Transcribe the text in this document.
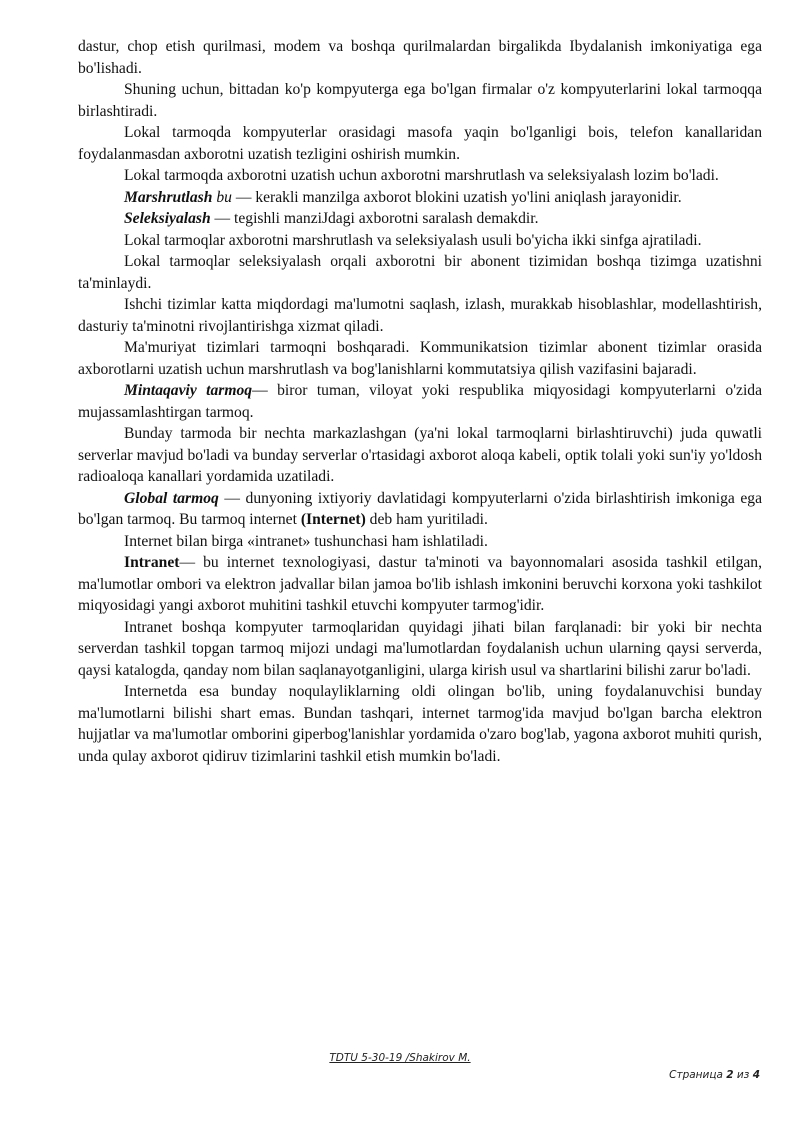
dastur, chop etish qurilmasi, modem va boshqa qurilmalardan birgalikda Ibydalanish imkoniyatiga ega bo'lishadi.

Shuning uchun, bittadan ko'p kompyuterga ega bo'lgan firmalar o'z kompyuterlarini lokal tarmoqqa birlashtiradi.

Lokal tarmoqda kompyuterlar orasidagi masofa yaqin bo'lganligi bois, telefon kanallaridan foydalanmasdan axborotni uzatish tezligini oshirish mumkin.

Lokal tarmoqda axborotni uzatish uchun axborotni marshrutlash va seleksiyalash lozim bo'ladi.

Marshrutlash bu — kerakli manzilga axborot blokini uzatish yo'lini aniqlash jarayonidir.

Seleksiyalash — tegishli manziJdagi axborotni saralash demakdir.

Lokal tarmoqlar axborotni marshrutlash va seleksiyalash usuli bo'yicha ikki sinfga ajratiladi.

Lokal tarmoqlar seleksiyalash orqali axborotni bir abonent tizimidan boshqa tizimga uzatishni ta'minlaydi.

Ishchi tizimlar katta miqdordagi ma'lumotni saqlash, izlash, murakkab hisoblashlar, modellashtirish, dasturiy ta'minotni rivojlantirishga xizmat qiladi.

Ma'muriyat tizimlari tarmoqni boshqaradi. Kommunikatsion tizimlar abonent tizimlar orasida axborotlarni uzatish uchun marshrutlash va bog'lanishlarni kommutatsiya qilish vazifasini bajaradi.

Mintaqaviy tarmoq— biror tuman, viloyat yoki respublika miqyosidagi kompyuterlarni o'zida mujassamlashtirgan tarmoq.

Bunday tarmoda bir nechta markazlashgan (ya'ni lokal tarmoqlarni birlashtiruvchi) juda quwatli serverlar mavjud bo'ladi va bunday serverlar o'rtasidagi axborot aloqa kabeli, optik tolali yoki sun'iy yo'ldosh radioaloqa kanallari yordamida uzatiladi.

Global tarmoq — dunyoning ixtiyoriy davlatidagi kompyuterlarni o'zida birlashtirish imkoniga ega bo'lgan tarmoq. Bu tarmoq internet (Internet) deb ham yuritiladi.

Internet bilan birga «intranet» tushunchasi ham ishlatiladi.

Intranet— bu internet texnologiyasi, dastur ta'minoti va bayonnomalari asosida tashkil etilgan, ma'lumotlar ombori va elektron jadvallar bilan jamoa bo'lib ishlash imkonini beruvchi korxona yoki tashkilot miqyosidagi yangi axborot muhitini tashkil etuvchi kompyuter tarmog'idir.

Intranet boshqa kompyuter tarmoqlaridan quyidagi jihati bilan farqlanadi: bir yoki bir nechta serverdan tashkil topgan tarmoq mijozi undagi ma'lumotlardan foydalanish uchun ularning qaysi serverda, qaysi katalogda, qanday nom bilan saqlanayotganligini, ularga kirish usul va shartlarini bilishi zarur bo'ladi.

Internetda esa bunday noqulayliklarning oldi olingan bo'lib, uning foydalanuvchisi bunday ma'lumotlarni bilishi shart emas. Bundan tashqari, internet tarmog'ida mavjud bo'lgan barcha elektron hujjatlar va ma'lumotlar omborini giperbog'lanishlar yordamida o'zaro bog'lab, yagona axborot muhiti qurish, unda qulay axborot qidiruv tizimlarini tashkil etish mumkin bo'ladi.

TDTU 5-30-19 /Shakirov M.
Страница 2 из 4
